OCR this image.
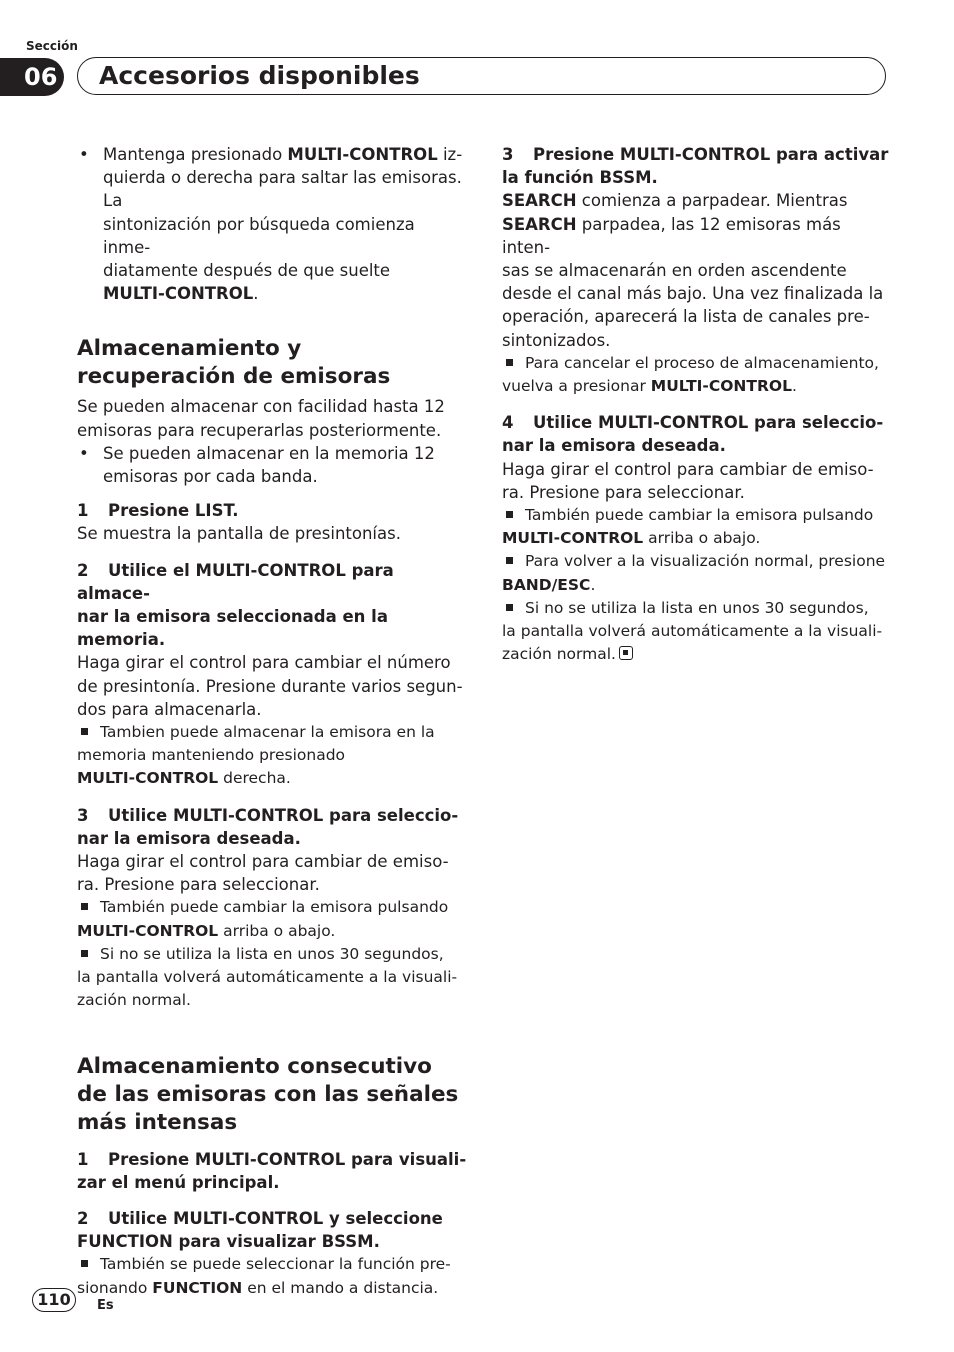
Sección
06 Accesorios disponibles
• Mantenga presionado MULTI-CONTROL iz-

quierda o derecha para saltar las emisoras. La

sintonización por búsqueda comienza inme-

diatamente después de que suelte

MULTI-CONTROL.

Almacenamiento y
recuperación de emisoras

Se pueden almacenar con facilidad hasta 12

emisoras para recuperarlas posteriormente.

• Se pueden almacenar en la memoria 12

emisoras por cada banda.

1 Presione LIST.

Se muestra la pantalla de presintonías.

2 Utilice el MULTI-CONTROL para almace-

nar la emisora seleccionada en la memoria.

Haga girar el control para cambiar el número

de presintonía. Presione durante varios segun-

dos para almacenarla.

Tambien puede almacenar la emisora en la

memoria manteniendo presionado

MULTI-CONTROL derecha.

3 Utilice MULTI-CONTROL para seleccio-

nar la emisora deseada.

Haga girar el control para cambiar de emiso-

ra. Presione para seleccionar.

También puede cambiar la emisora pulsando

MULTI-CONTROL arriba o abajo.

Si no se utiliza la lista en unos 30 segundos,

la pantalla volverá automáticamente a la visuali-

zación normal.

Almacenamiento consecutivo
de las emisoras con las señales
más intensas

1 Presione MULTI-CONTROL para visuali-

zar el menú principal.

2 Utilice MULTI-CONTROL y seleccione

FUNCTION para visualizar BSSM.

También se puede seleccionar la función pre-

sionando FUNCTION en el mando a distancia.

3 Presione MULTI-CONTROL para activar

la función BSSM.

SEARCH comienza a parpadear. Mientras

SEARCH parpadea, las 12 emisoras más inten-

sas se almacenarán en orden ascendente

desde el canal más bajo. Una vez finalizada la

operación, aparecerá la lista de canales pre-

sintonizados.

Para cancelar el proceso de almacenamiento,

vuelva a presionar MULTI-CONTROL.

4 Utilice MULTI-CONTROL para seleccio-

nar la emisora deseada.

Haga girar el control para cambiar de emiso-

ra. Presione para seleccionar.

También puede cambiar la emisora pulsando

MULTI-CONTROL arriba o abajo.

Para volver a la visualización normal, presione

BAND/ESC.

Si no se utiliza la lista en unos 30 segundos,

la pantalla volverá automáticamente a la visuali-

zación normal.

110	Es
